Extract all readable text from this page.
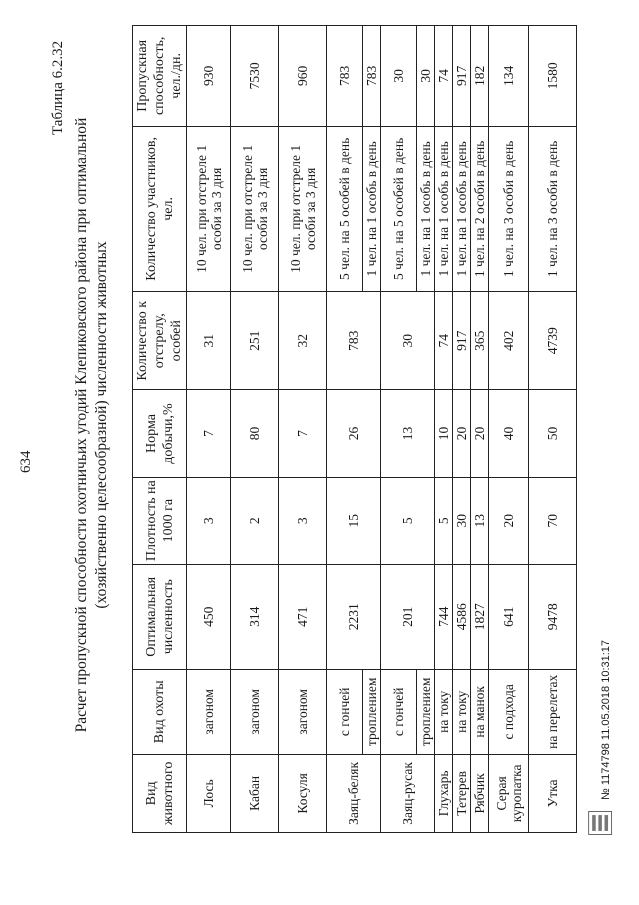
634
Таблица 6.2.32
Расчет пропускной способности охотничьих угодий Клепиковского района при оптимальной (хозяйственно целесообразной) численности животных
Вид животного	Вид охоты	Оптимальная численность	Плотность на 1000 га	Норма добычи,%	Количество к отстрелу, особей	Количество участников, чел.	Пропускная способность, чел./дн.
Лось	загоном	450	3	7	31	10 чел. при отстреле 1 особи за 3 дня	930
Кабан	загоном	314	2	80	251	10 чел. при отстреле 1 особи за 3 дня	7530
Косуля	загоном	471	3	7	32	10 чел. при отстреле 1 особи за 3 дня	960
Заяц-беляк	с гончей	2231	15	26	783	5 чел. на 5 особей в день	783
	троплением					1 чел. на 1 особь в день	783
Заяц-русак	с гончей	201	5	13	30	5 чел. на 5 особей в день	30
	троплением					1 чел. на 1 особь в день	30
Глухарь	на току	744	5	10	74	1 чел. на 1 особь в день	74
Тетерев	на току	4586	30	20	917	1 чел. на 1 особь в день	917
Рябчик	на манок	1827	13	20	365	1 чел. на 2 особи в день	182
Серая куропатка	с подхода	641	20	40	402	1 чел. на 3 особи в день	134
Утка	на перелетах	9478	70	50	4739	1 чел. на 3 особи в день	1580
№ 1174798 11.05.2018 10:31:17
